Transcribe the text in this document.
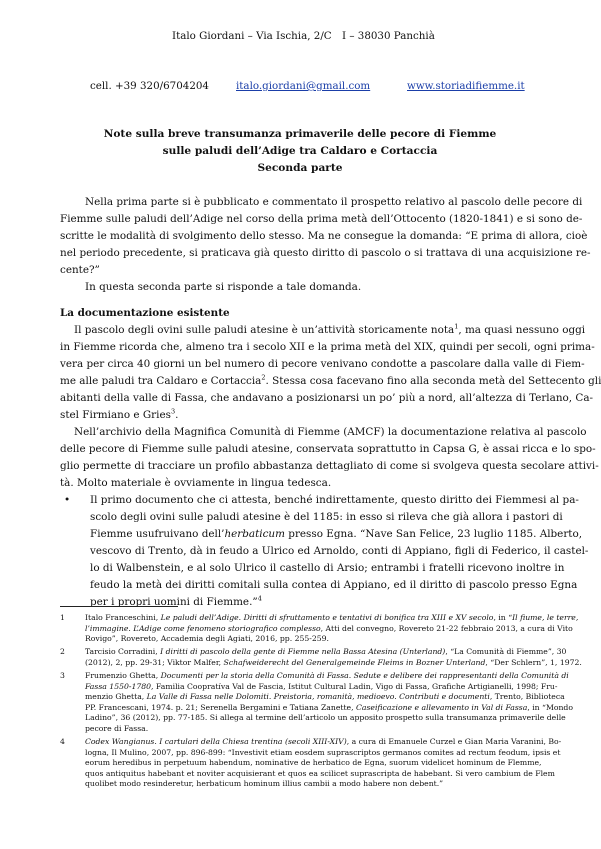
Italo Giordani – Via Ischia, 2/C I – 38030 Panchià
cell. +39 320/6704204	italo.giordani@gmail.com	www.storiadifiemme.it
Note sulla breve transumanza primaverile delle pecore di Fiemme
sulle paludi dell’Adige tra Caldaro e Cortaccia
Seconda parte
Nella prima parte si è pubblicato e commentato il prospetto relativo al pascolo delle pecore di
Fiemme sulle paludi dell’Adige nel corso della prima metà dell’Ottocento (1820-1841) e si sono de-
scritte le modalità di svolgimento dello stesso. Ma ne consegue la domanda: “E prima di allora, cioè
nel periodo precedente, si praticava già questo diritto di pascolo o si trattava di una acquisizione re-
cente?”
In questa seconda parte si risponde a tale domanda.
La documentazione esistente
Il pascolo degli ovini sulle paludi atesine è un’attività storicamente nota$^1$, ma quasi nessuno oggi
in Fiemme ricorda che, almeno tra i secolo XII e la prima metà del XIX, quindi per secoli, ogni prima-
vera per circa 40 giorni un bel numero di pecore venivano condotte a pascolare dalla valle di Fiem-
me alle paludi tra Caldaro e Cortaccia$^2$. Stessa cosa facevano fino alla seconda metà del Settecento gli
abitanti della valle di Fassa, che andavano a posizionarsi un po’ più a nord, all’altezza di Terlano, Ca-
stel Firmiano e Gries$^3$.
Nell’archivio della Magnifica Comunità di Fiemme (AMCF) la documentazione relativa al pascolo
delle pecore di Fiemme sulle paludi atesine, conservata soprattutto in Capsa G, è assai ricca e lo spo-
glio permette di tracciare un profilo abbastanza dettagliato di come si svolgeva questa secolare attivi-
tà. Molto materiale è ovviamente in lingua tedesca.
• Il primo documento che ci attesta, benché indirettamente, questo diritto dei Fiemmesi al pa-
scolo degli ovini sulle paludi atesine è del 1185: in esso si rileva che già allora i pastori di
Fiemme usufruivano dell’herbaticum presso Egna. “Nave San Felice, 23 luglio 1185. Alberto,
vescovo di Trento, dà in feudo a Ulrico ed Arnoldo, conti di Appiano, figli di Federico, il castel-
lo di Walbenstein, e al solo Ulrico il castello di Arsio; entrambi i fratelli ricevono inoltre in
feudo la metà dei diritti comitali sulla contea di Appiano, ed il diritto di pascolo presso Egna
per i propri uomini di Fiemme.”$^4$
1	Italo Franceschini, Le paludi dell’Adige. Diritti di sfruttamento e tentativi di bonifica tra XIII e XV secolo, in “Il fiume, le terre,
l’immagine. L’Adige come fenomeno storiografico complesso, Atti del convegno, Rovereto 21-22 febbraio 2013, a cura di Vito
Rovigo”, Rovereto, Accademia degli Agiati, 2016, pp. 255-259.
2	Tarcisio Corradini, I diritti di pascolo della gente di Fiemme nella Bassa Atesina (Unterland), “La Comunità di Fiemme”, 30
(2012), 2, pp. 29-31; Viktor Malfer, Schafweiderecht del Generalgemeinde Fleims in Bozner Unterland, “Der Schlern”, 1, 1972.
3	Frumenzio Ghetta, Documenti per la storia della Comunità di Fassa. Sedute e delibere dei rappresentanti della Comunità di
Fassa 1550-1780, Familia Coopratíva Val de Fascia, Istitut Cultural Ladin, Vigo di Fassa, Grafiche Artigianelli, 1998; Fru-
menzio Ghetta, La Valle di Fassa nelle Dolomiti. Preistoria, romanità, medioevo. Contributi e documenti, Trento, Biblioteca
PP. Francescani, 1974. p. 21; Serenella Bergamini e Tatiana Zanette, Caseificazione e allevamento in Val di Fassa, in “Mondo
Ladino”, 36 (2012), pp. 77-185. Si allega al termine dell’articolo un apposito prospetto sulla transumanza primaverile delle
pecore di Fassa.
4	Codex Wangianus. I cartulari della Chiesa trentina (secoli XIII-XIV), a cura di Emanuele Curzel e Gian Maria Varanini, Bo-
logna, Il Mulino, 2007, pp. 896-899: “Investivit etiam eosdem suprascriptos germanos comites ad rectum feodum, ipsis et
eorum heredibus in perpetuum habendum, nominative de herbatico de Egna, suorum videlicet hominum de Flemme,
quos antiquitus habebant et noviter acquisierant et quos ea scilicet suprascripta de habebant. Si vero cambium de Flem
quolibet modo resinderetur, herbaticum hominum illius cambii a modo habere non debent.”
